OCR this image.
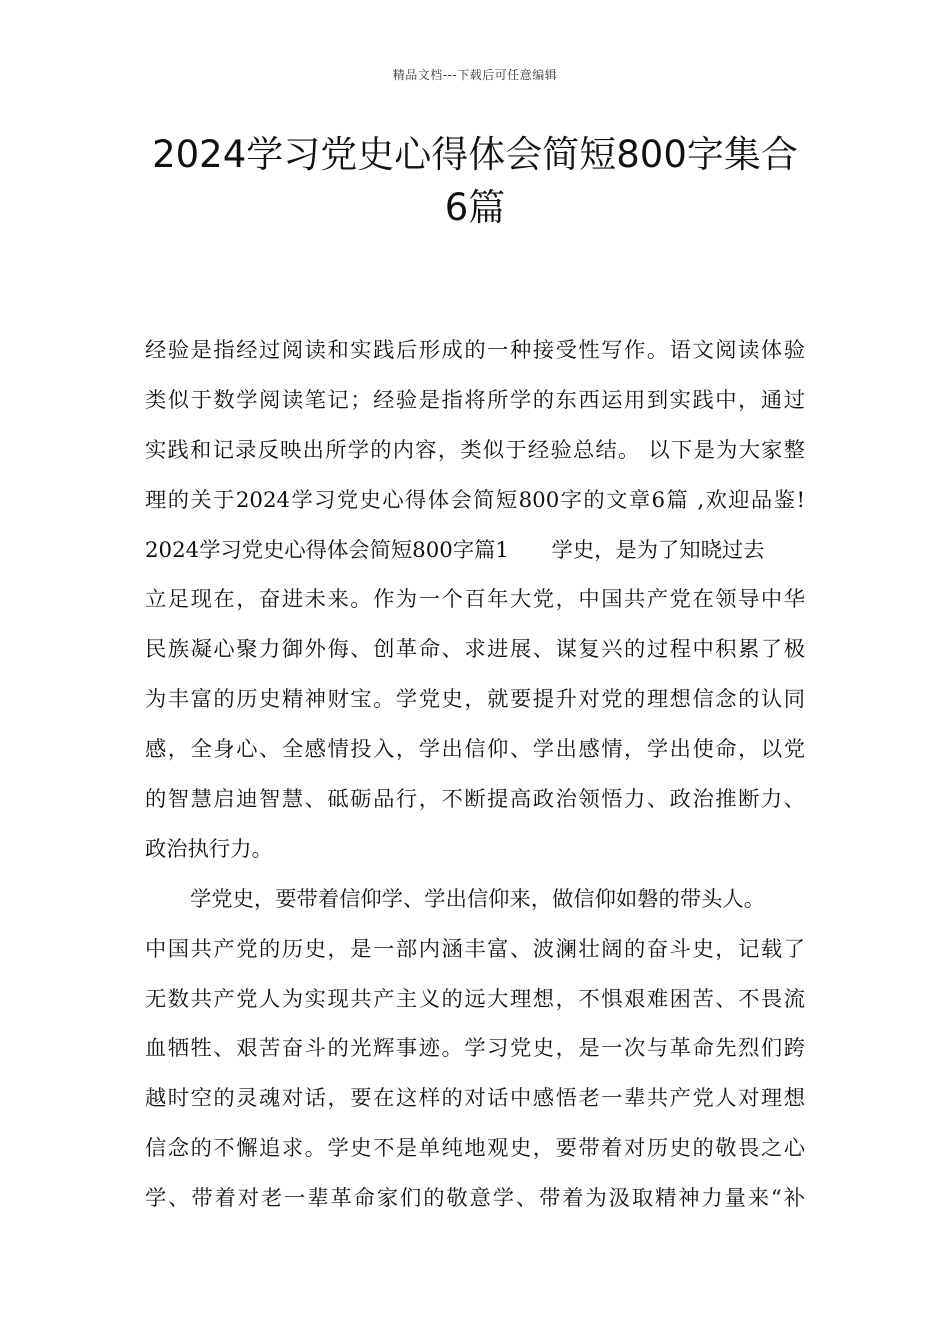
精品文档---下载后可任意编辑
2024学习党史心得体会简短800字集合
6篇
经验是指经过阅读和实践后形成的一种接受性写作。语文阅读体验
类似于数学阅读笔记；经验是指将所学的东西运用到实践中，通过
实践和记录反映出所学的内容，类似于经验总结。 以下是为大家整
理的关于2024学习党史心得体会简短800字的文章6篇 ,欢迎品鉴!
2024学习党史心得体会简短800字篇1　　学史，是为了知晓过去
立足现在，奋进未来。作为一个百年大党，中国共产党在领导中华
民族凝心聚力御外侮、创革命、求进展、谋复兴的过程中积累了极
为丰富的历史精神财宝。学党史，就要提升对党的理想信念的认同
感，全身心、全感情投入，学出信仰、学出感情，学出使命，以党
的智慧启迪智慧、砥砺品行，不断提高政治领悟力、政治推断力、
政治执行力。
学党史，要带着信仰学、学出信仰来，做信仰如磐的带头人。
中国共产党的历史，是一部内涵丰富、波澜壮阔的奋斗史，记载了
无数共产党人为实现共产主义的远大理想，不惧艰难困苦、不畏流
血牺牲、艰苦奋斗的光辉事迹。学习党史，是一次与革命先烈们跨
越时空的灵魂对话，要在这样的对话中感悟老一辈共产党人对理想
信念的不懈追求。学史不是单纯地观史，要带着对历史的敬畏之心
学、带着对老一辈革命家们的敬意学、带着为汲取精神力量来“补
